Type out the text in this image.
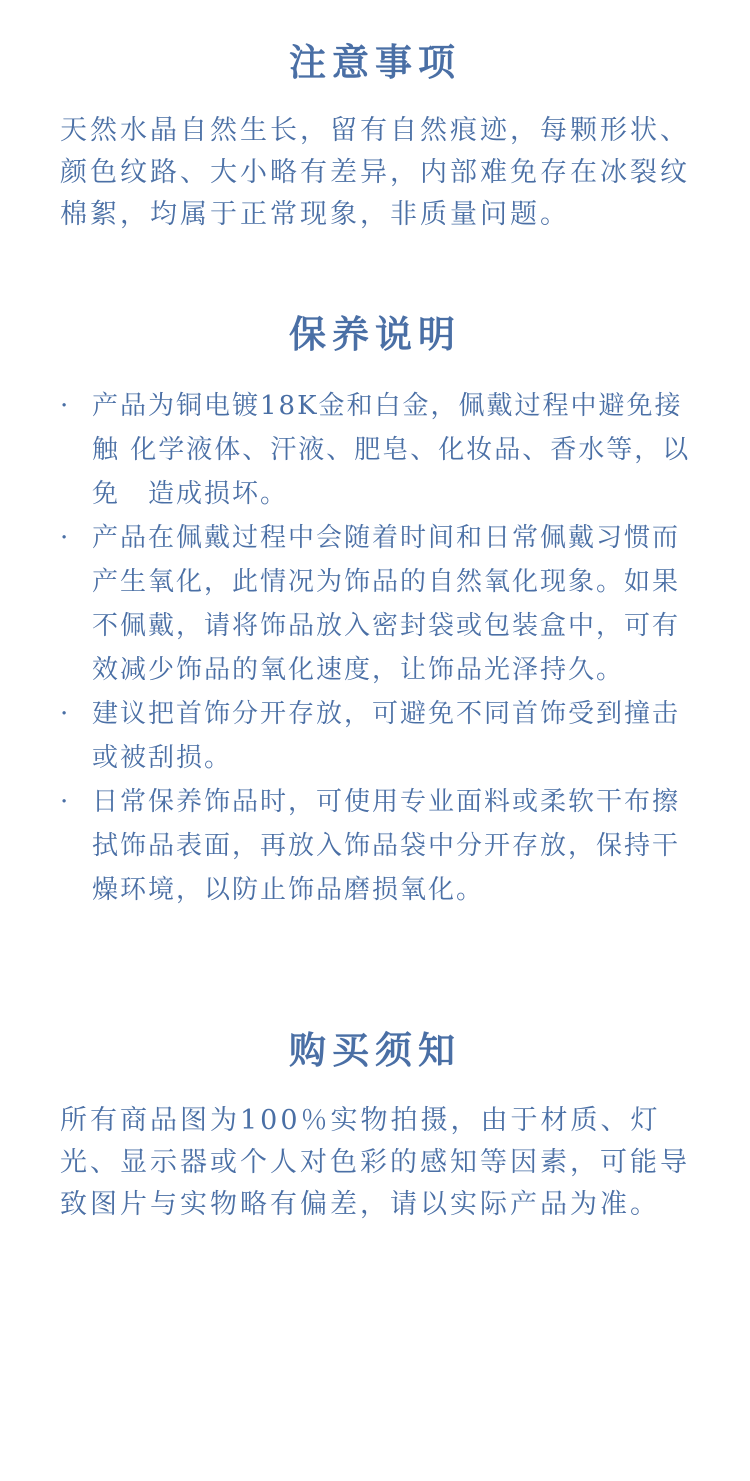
注意事项

天然水晶自然生长，留有自然痕迹，每颗形状、颜色纹路、大小略有差异，内部难免存在冰裂纹棉絮，均属于正常现象，非质量问题。

保养说明
· 产品为铜电镀18K金和白金，佩戴过程中避免接触 化学液体、汗液、肥皂、化妆品、香水等，以免　造成损坏。
· 产品在佩戴过程中会随着时间和日常佩戴习惯而产生氧化，此情况为饰品的自然氧化现象。如果不佩戴，请将饰品放入密封袋或包装盒中，可有效减少饰品的氧化速度，让饰品光泽持久。
· 建议把首饰分开存放，可避免不同首饰受到撞击或被刮损。
· 日常保养饰品时，可使用专业面料或柔软干布擦拭饰品表面，再放入饰品袋中分开存放，保持干燥环境，以防止饰品磨损氧化。
购买须知

所有商品图为100％实物拍摄，由于材质、灯光、显示器或个人对色彩的感知等因素，可能导致图片与实物略有偏差，请以实际产品为准。
